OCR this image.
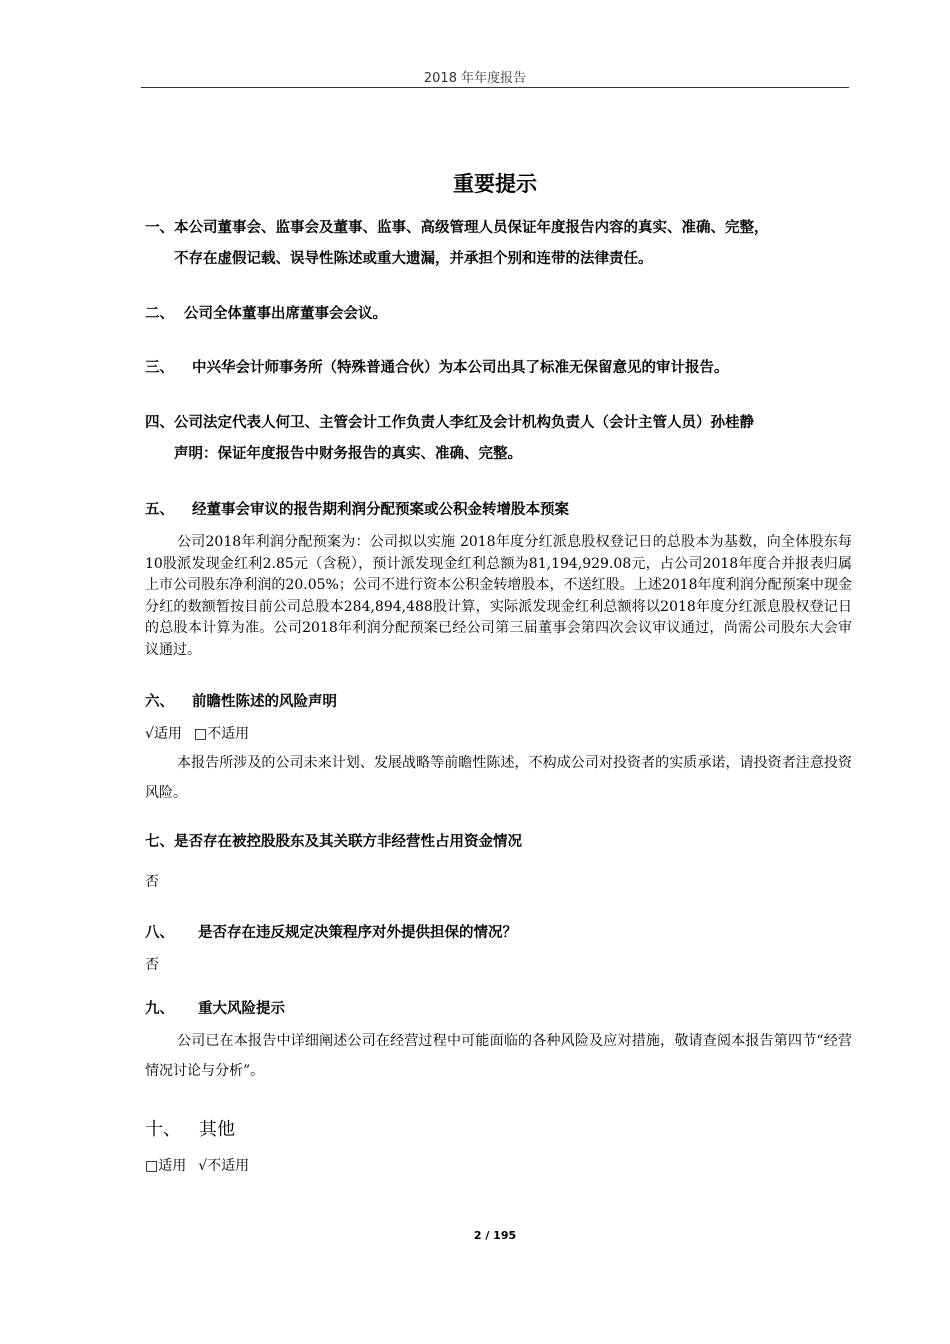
2018 年年度报告
重要提示
一、本公司董事会、监事会及董事、监事、高级管理人员保证年度报告内容的真实、准确、完整，
不存在虚假记载、误导性陈述或重大遗漏，并承担个别和连带的法律责任。
二、 公司全体董事出席董事会会议。
三、 中兴华会计师事务所（特殊普通合伙）为本公司出具了标准无保留意见的审计报告。
四、公司法定代表人何卫、主管会计工作负责人李红及会计机构负责人（会计主管人员）孙桂静
声明：保证年度报告中财务报告的真实、准确、完整。
五、 经董事会审议的报告期利润分配预案或公积金转增股本预案
公司2018年利润分配预案为：公司拟以实施 2018年度分红派息股权登记日的总股本为基数，向全体股东每10股派发现金红利2.85元（含税），预计派发现金红利总额为81,194,929.08元，占公司2018年度合并报表归属上市公司股东净利润的20.05%；公司不进行资本公积金转增股本，不送红股。上述2018年度利润分配预案中现金分红的数额暂按目前公司总股本284,894,488股计算，实际派发现金红利总额将以2018年度分红派息股权登记日的总股本计算为准。公司2018年利润分配预案已经公司第三届董事会第四次会议审议通过，尚需公司股东大会审议通过。
六、 前瞻性陈述的风险声明
√适用 □不适用
本报告所涉及的公司未来计划、发展战略等前瞻性陈述，不构成公司对投资者的实质承诺，请投资者注意投资风险。
七、是否存在被控股股东及其关联方非经营性占用资金情况
否
八、 是否存在违反规定决策程序对外提供担保的情况？
否
九、 重大风险提示
公司已在本报告中详细阐述公司在经营过程中可能面临的各种风险及应对措施，敬请查阅本报告第四节“经营情况讨论与分析”。
十、 其他
□适用 √不适用
2 / 195
